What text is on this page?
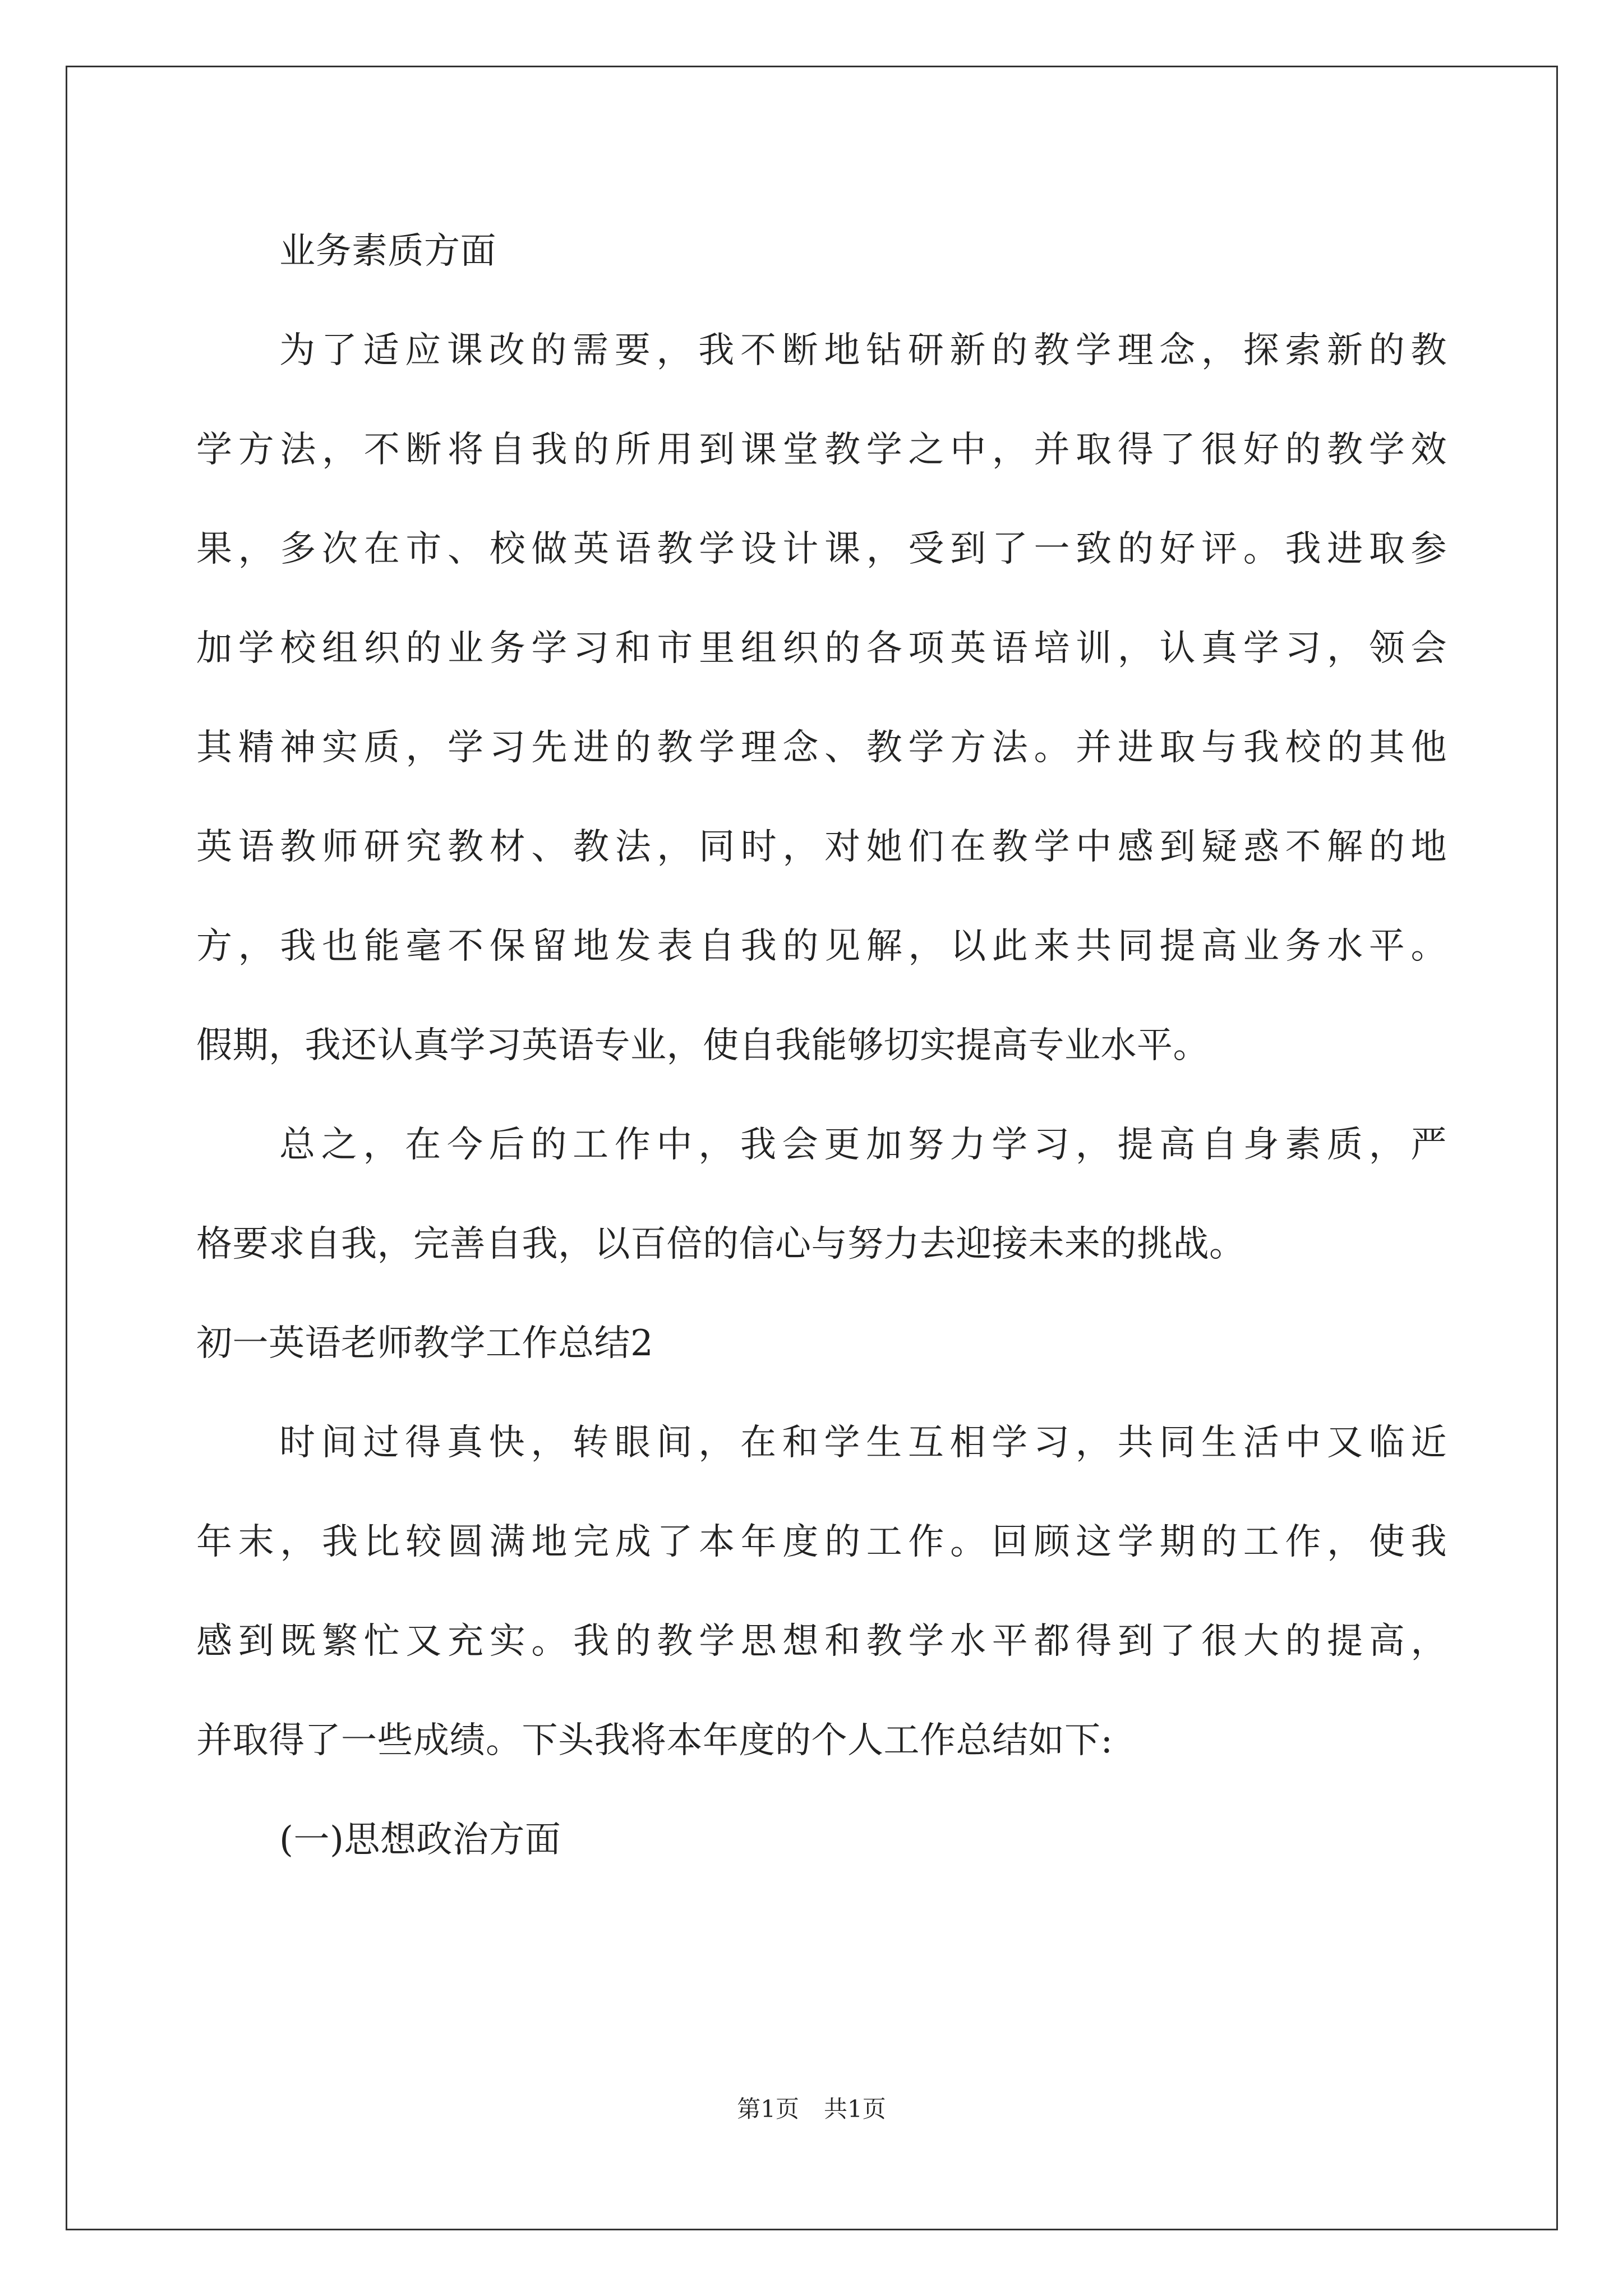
业务素质方面
为了适应课改的需要，我不断地钻研新的教学理念，探索新的教
学方法，不断将自我的所用到课堂教学之中，并取得了很好的教学效
果，多次在市、校做英语教学设计课，受到了一致的好评。我进取参
加学校组织的业务学习和市里组织的各项英语培训，认真学习，领会
其精神实质，学习先进的教学理念、教学方法。并进取与我校的其他
英语教师研究教材、教法，同时，对她们在教学中感到疑惑不解的地
方，我也能毫不保留地发表自我的见解，以此来共同提高业务水平。
假期，我还认真学习英语专业，使自我能够切实提高专业水平。
总之，在今后的工作中，我会更加努力学习，提高自身素质，严
格要求自我，完善自我，以百倍的信心与努力去迎接未来的挑战。
初一英语老师教学工作总结2
时间过得真快，转眼间，在和学生互相学习，共同生活中又临近
年末，我比较圆满地完成了本年度的工作。回顾这学期的工作，使我
感到既繁忙又充实。我的教学思想和教学水平都得到了很大的提高，
并取得了一些成绩。下头我将本年度的个人工作总结如下:
(一)思想政治方面
第1页 共1页
